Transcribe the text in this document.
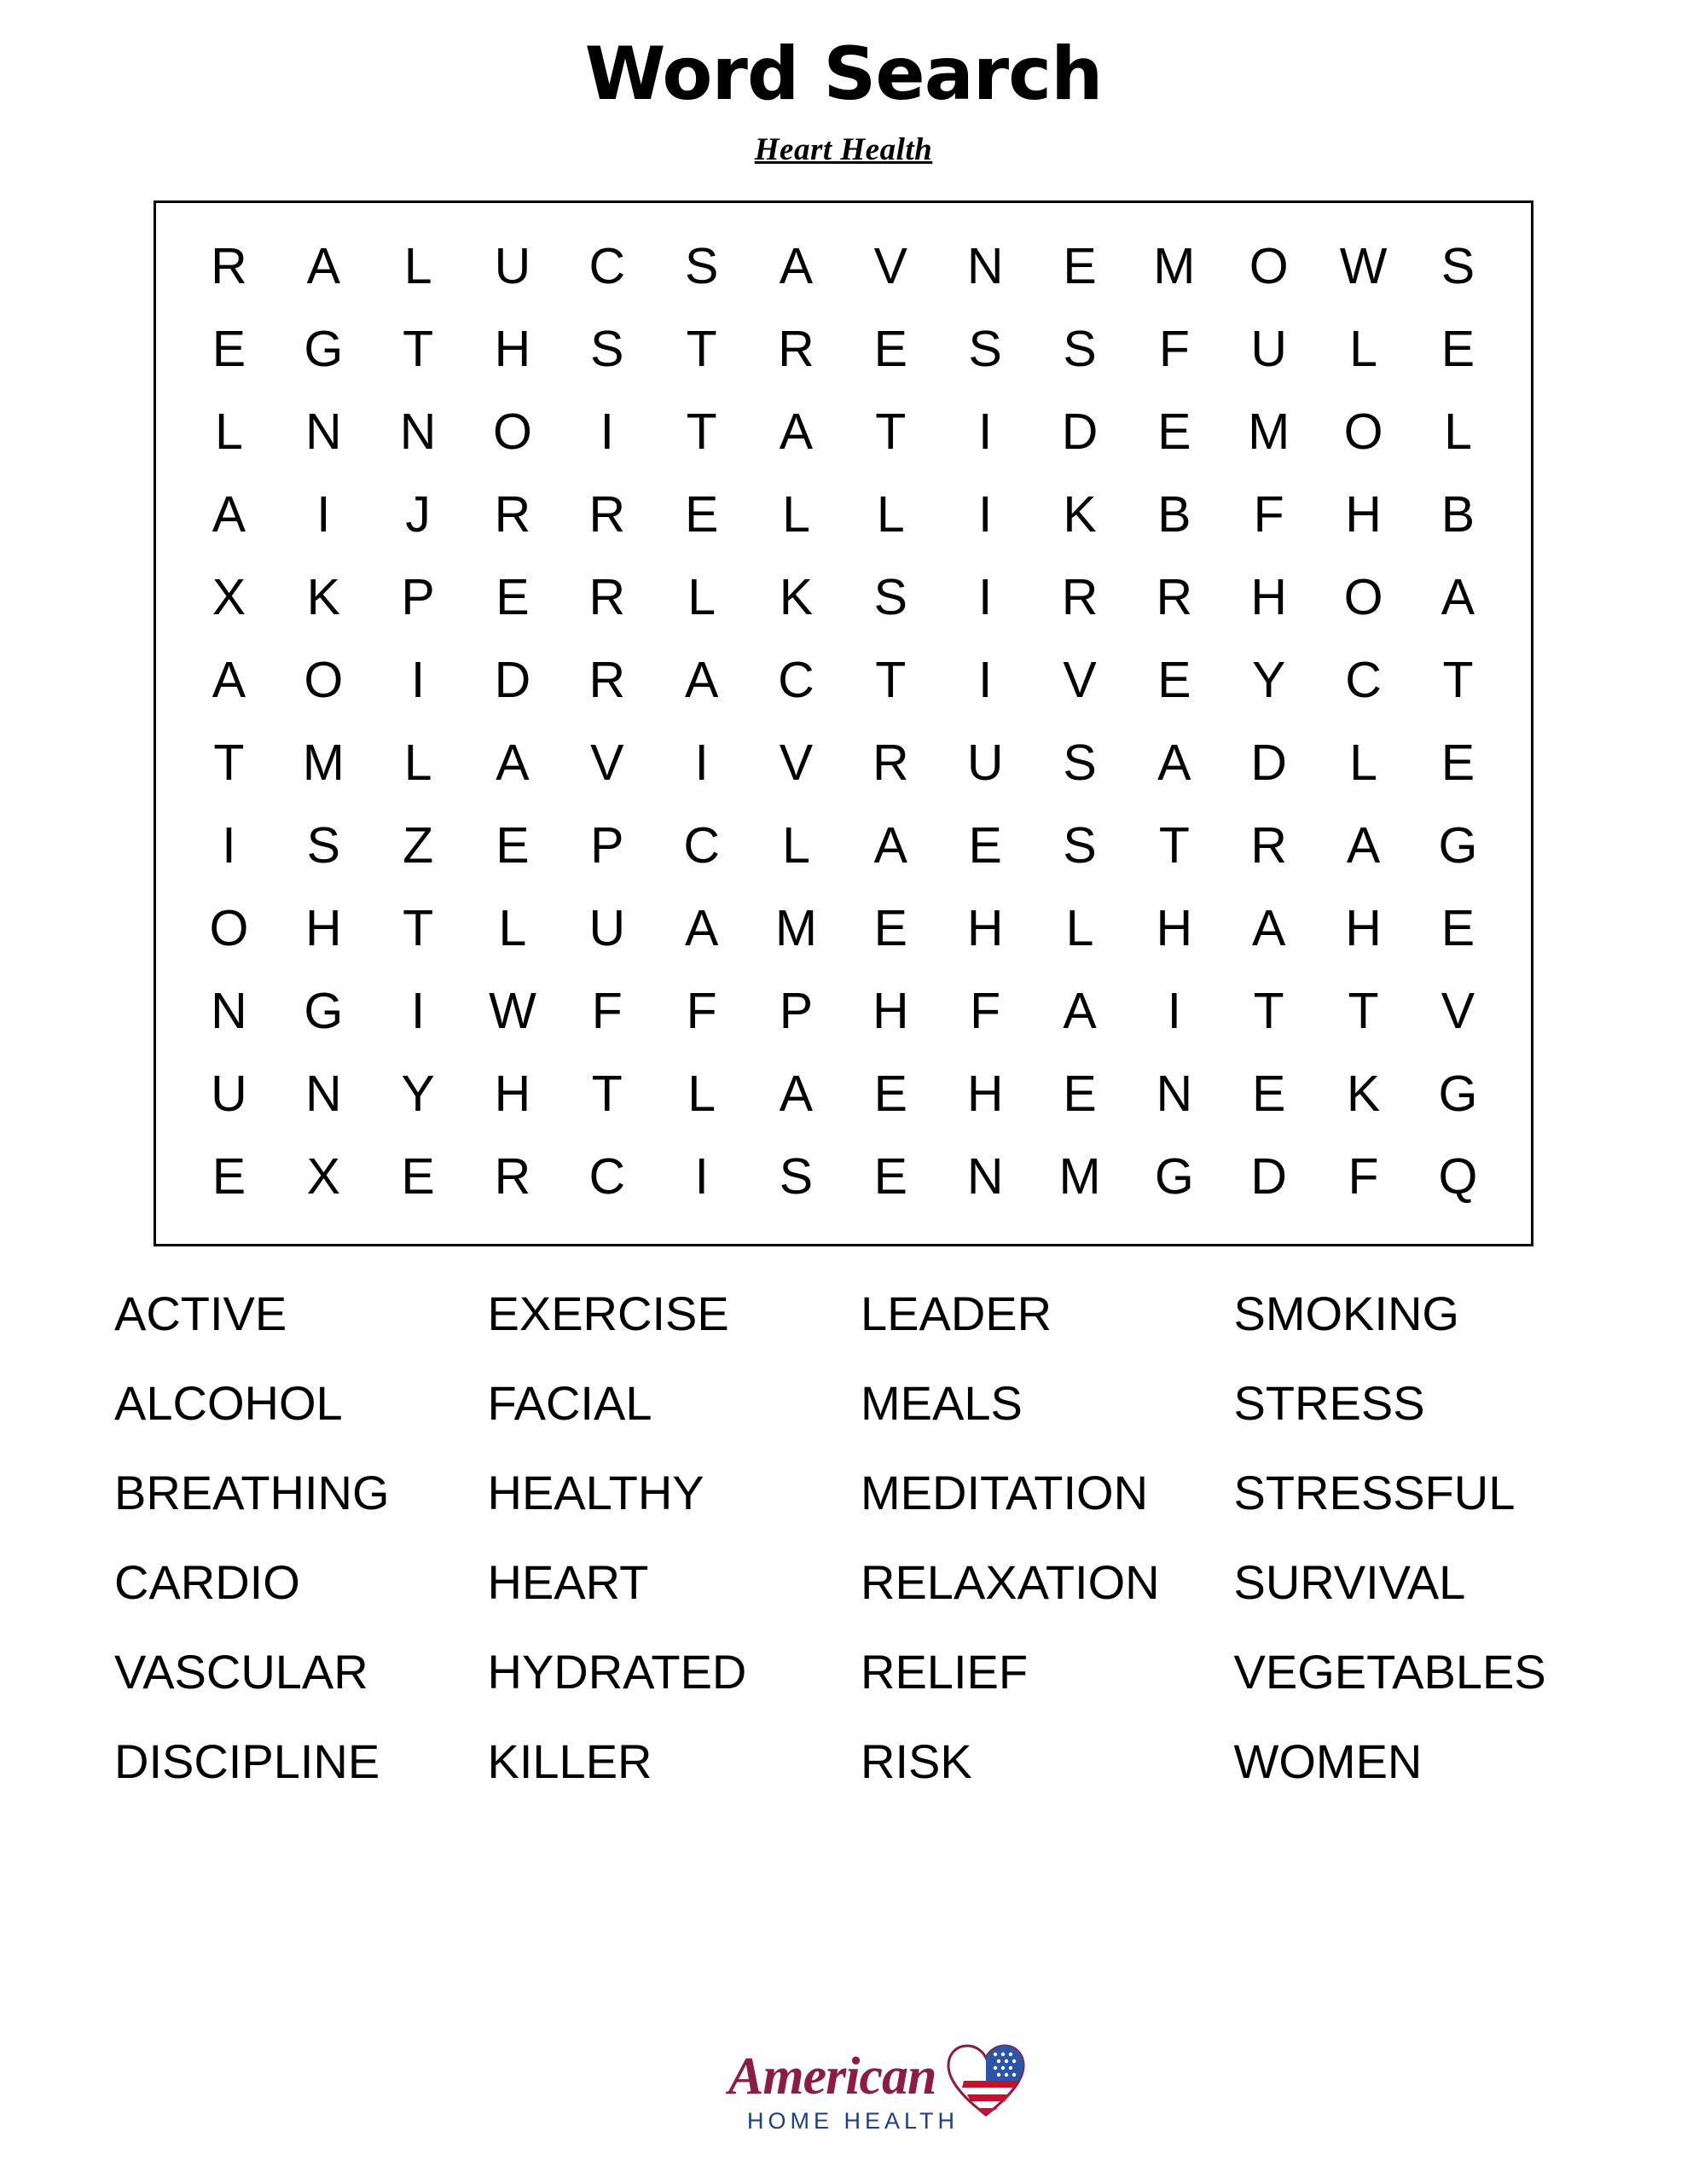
Word Search
Heart Health
R	A	L	U	C	S	A	V	N	E	M	O	W	S
E	G	T	H	S	T	R	E	S	S	F	U	L	E
L	N	N	O	I	T	A	T	I	D	E	M	O	L
A	I	J	R	R	E	L	L	I	K	B	F	H	B
X	K	P	E	R	L	K	S	I	R	R	H	O	A
A	O	I	D	R	A	C	T	I	V	E	Y	C	T
T	M	L	A	V	I	V	R	U	S	A	D	L	E
I	S	Z	E	P	C	L	A	E	S	T	R	A	G
O	H	T	L	U	A	M	E	H	L	H	A	H	E
N	G	I	W	F	F	P	H	F	A	I	T	T	V
U	N	Y	H	T	L	A	E	H	E	N	E	K	G
E	X	E	R	C	I	S	E	N	M	G	D	F	Q
ACTIVE
ALCOHOL
BREATHING
CARDIO
VASCULAR
DISCIPLINE
EXERCISE
FACIAL
HEALTHY
HEART
HYDRATED
KILLER
LEADER
MEALS
MEDITATION
RELAXATION
RELIEF
RISK
SMOKING
STRESS
STRESSFUL
SURVIVAL
VEGETABLES
WOMEN
American
HOME HEALTH
